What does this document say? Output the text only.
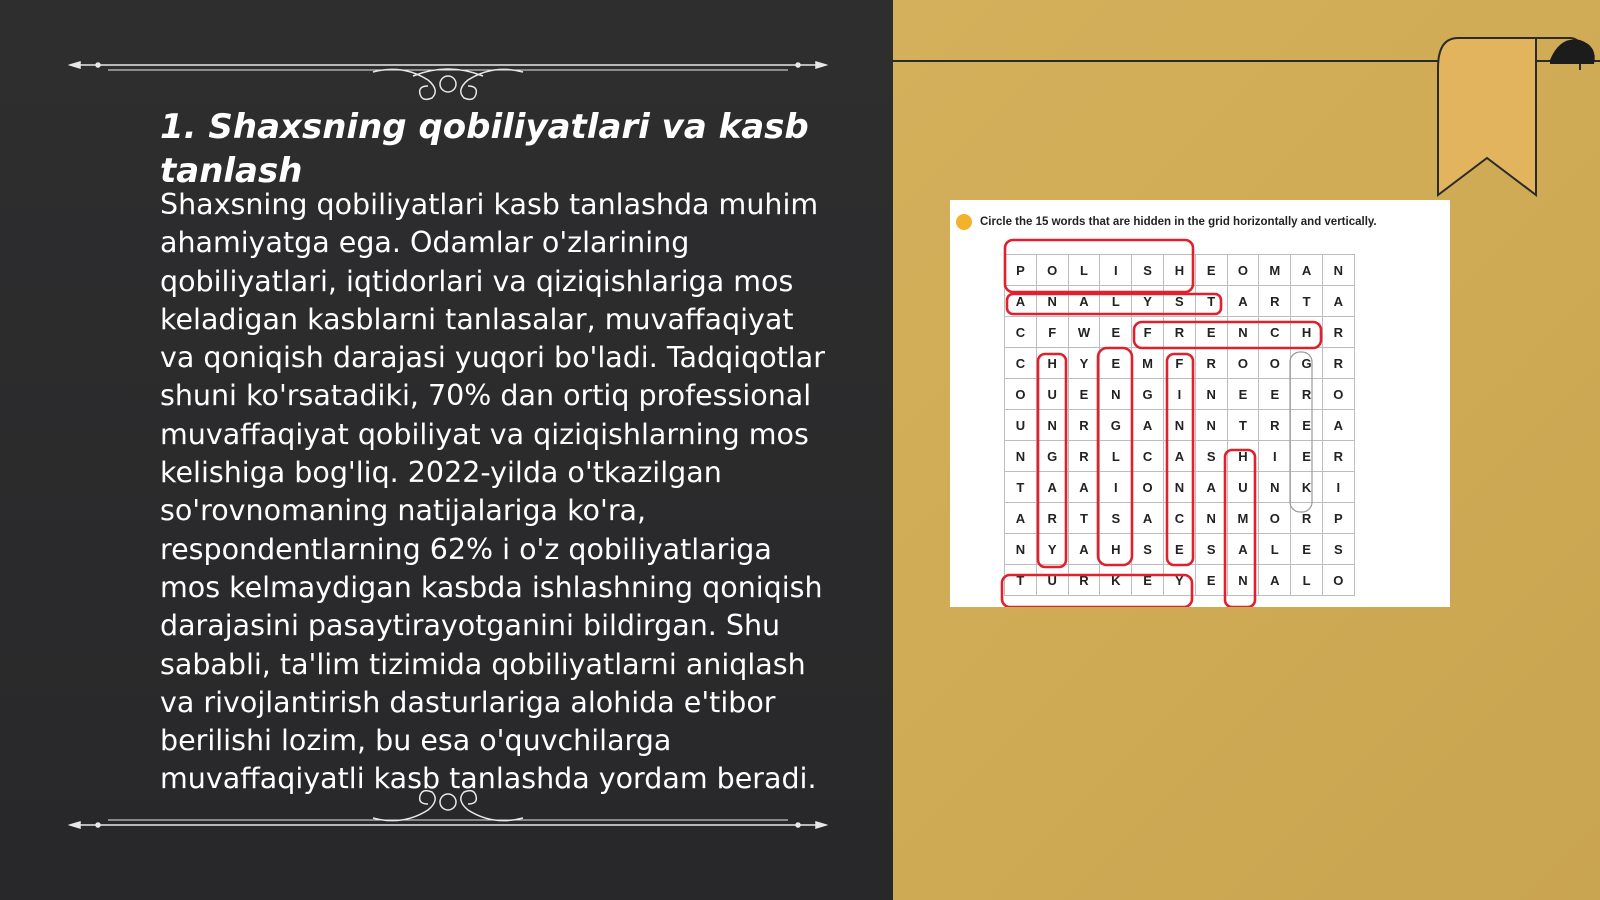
1. Shaxsning qobiliyatlari va kasb tanlash

Shaxsning qobiliyatlari kasb tanlashda muhim ahamiyatga ega. Odamlar o'zlarining qobiliyatlari, iqtidorlari va qiziqishlariga mos keladigan kasblarni tanlasalar, muvaffaqiyat va qoniqish darajasi yuqori bo'ladi. Tadqiqotlar shuni ko'rsatadiki, 70% dan ortiq professional muvaffaqiyat qobiliyat va qiziqishlarning mos kelishiga bog'liq. 2022-yilda o'tkazilgan so'rovnomaning natijalariga ko'ra, respondentlarning 62% i o'z qobiliyatlariga mos kelmaydigan kasbda ishlashning qoniqish darajasini pasaytirayotganini bildirgan. Shu sababli, ta'lim tizimida qobiliyatlarni aniqlash va rivojlantirish dasturlariga alohida e'tibor berilishi lozim, bu esa o'quvchilarga muvaffaqiyatli kasb tanlashda yordam beradi.

Circle the 15 words that are hidden in the grid horizontally and vertically.
P	O	L	I	S	H	E	O	M	A	N
A	N	A	L	Y	S	T	A	R	T	A
C	F	W	E	F	R	E	N	C	H	R
C	H	Y	E	M	F	R	O	O	G	R
O	U	E	N	G	I	N	E	E	R	O
U	N	R	G	A	N	N	T	R	E	A
N	G	R	L	C	A	S	H	I	E	R
T	A	A	I	O	N	A	U	N	K	I
A	R	T	S	A	C	N	M	O	R	P
N	Y	A	H	S	E	S	A	L	E	S
T	U	R	K	E	Y	E	N	A	L	O
